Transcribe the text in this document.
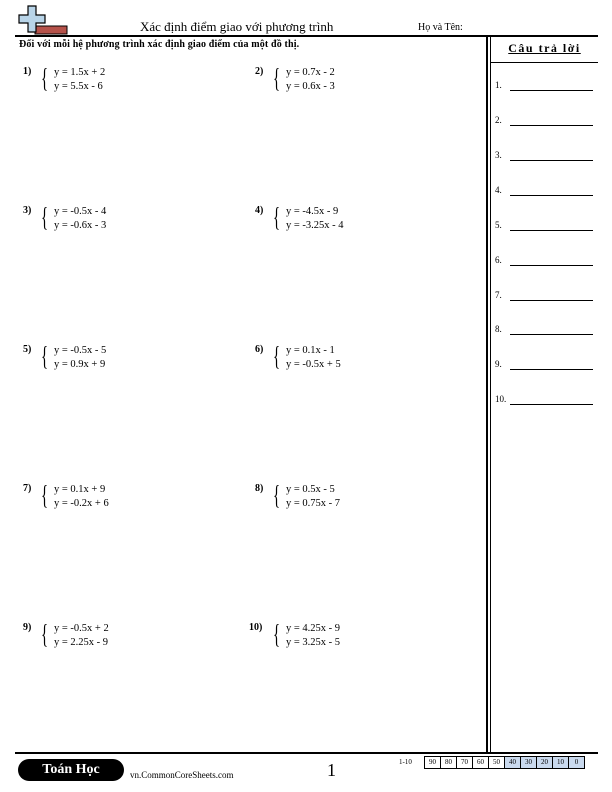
Xác định điểm giao với phương trình	Họ và Tên:
Đối với mỗi hệ phương trình xác định giao điểm của một đồ thị.	Câu trả lời
1.
2.
3.
4.
5.
6.
7.
8.
9.
10.
1) { y = 1.5x + 2
y = 5.5x - 6
2) { y = 0.7x - 2
y = 0.6x - 3
3) { y = -0.5x - 4
y = -0.6x - 3
4) { y = -4.5x - 9
y = -3.25x - 4
5) { y = -0.5x - 5
y = 0.9x + 9
6) { y = 0.1x - 1
y = -0.5x + 5
7) { y = 0.1x + 9
y = -0.2x + 6
8) { y = 0.5x - 5
y = 0.75x - 7
9) { y = -0.5x + 2
y = 2.25x - 9
10) { y = 4.25x - 9
y = 3.25x - 5
Toán Học	vn.CommonCoreSheets.com	1	1-10	90	80	70	60	50	40	30	20	10	0
